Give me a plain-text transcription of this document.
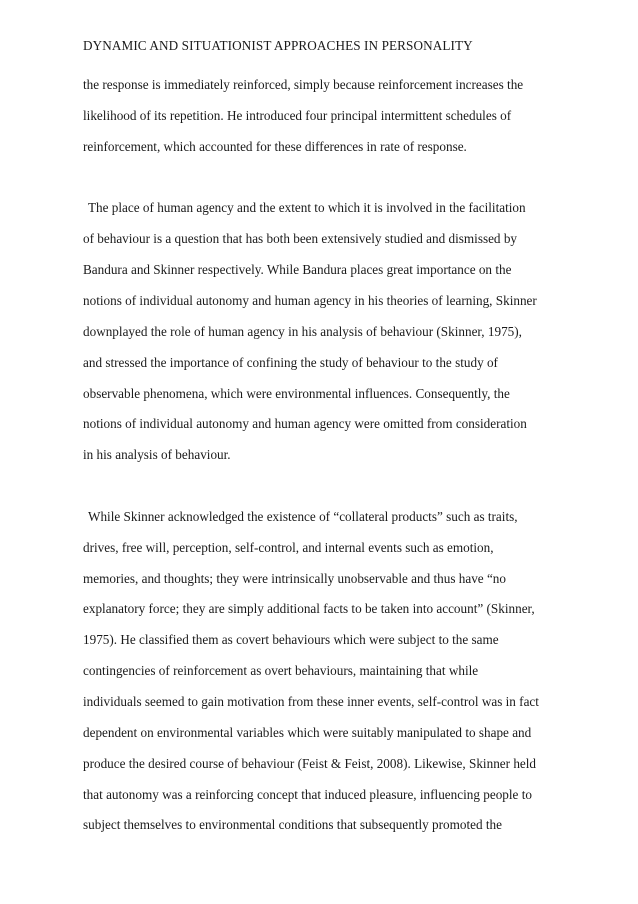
DYNAMIC AND SITUATIONIST APPROACHES IN PERSONALITY
the response is immediately reinforced, simply because reinforcement increases the
likelihood of its repetition. He introduced four principal intermittent schedules of
reinforcement, which accounted for these differences in rate of response.
The place of human agency and the extent to which it is involved in the facilitation
of behaviour is a question that has both been extensively studied and dismissed by
Bandura and Skinner respectively. While Bandura places great importance on the
notions of individual autonomy and human agency in his theories of learning, Skinner
downplayed the role of human agency in his analysis of behaviour (Skinner, 1975),
and stressed the importance of confining the study of behaviour to the study of
observable phenomena, which were environmental influences. Consequently, the
notions of individual autonomy and human agency were omitted from consideration
in his analysis of behaviour.
While Skinner acknowledged the existence of “collateral products” such as traits,
drives, free will, perception, self-control, and internal events such as emotion,
memories, and thoughts; they were intrinsically unobservable and thus have “no
explanatory force; they are simply additional facts to be taken into account” (Skinner,
1975). He classified them as covert behaviours which were subject to the same
contingencies of reinforcement as overt behaviours, maintaining that while
individuals seemed to gain motivation from these inner events, self-control was in fact
dependent on environmental variables which were suitably manipulated to shape and
produce the desired course of behaviour (Feist & Feist, 2008). Likewise, Skinner held
that autonomy was a reinforcing concept that induced pleasure, influencing people to
subject themselves to environmental conditions that subsequently promoted the
